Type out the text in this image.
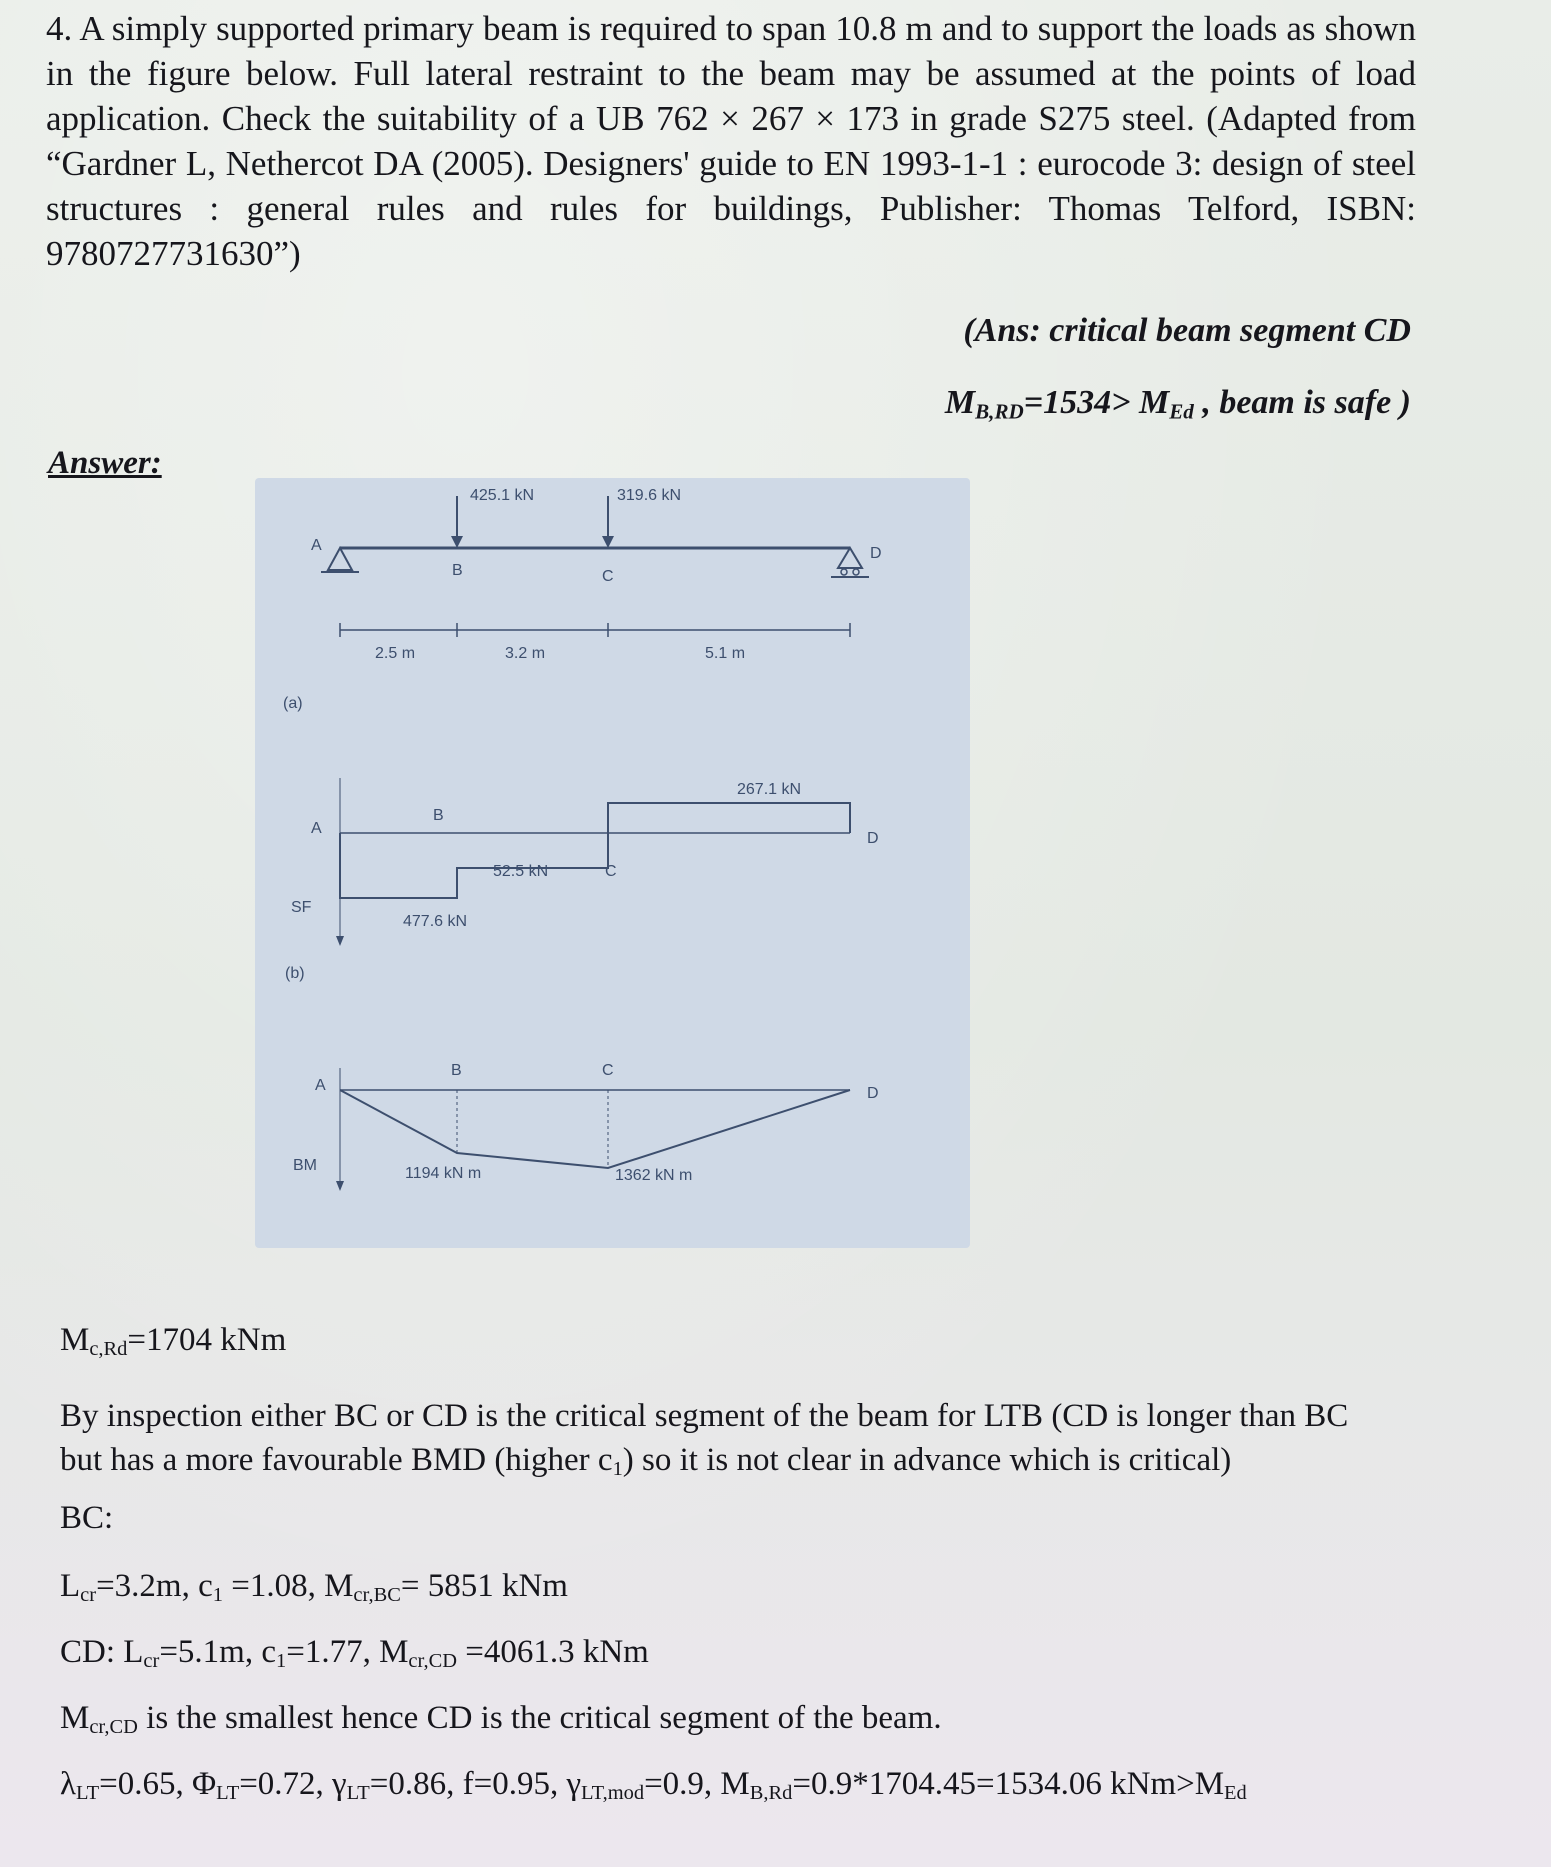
4. A simply supported primary beam is required to span 10.8 m and to support the loads as shown in the figure below. Full lateral restraint to the beam may be assumed at the points of load application. Check the suitability of a UB 762 × 267 × 173 in grade S275 steel. (Adapted from “Gardner L, Nethercot DA (2005). Designers' guide to EN 1993-1-1 : eurocode 3: design of steel structures : general rules and rules for buildings, Publisher: Thomas Telford, ISBN: 9780727731630”)
(Ans: critical beam segment CD
$M_{B,RD}=1534> M_{Ed}$ , beam is safe )
Answer:
425.1 kN	319.6 kN
A
B	C
D
2.5 m	3.2 m	5.1 m
(a)
A
B
C
D
267.1 kN
52.5 kN
477.6 kN
SF
(b)
A
B	C
D
1194 kN m	1362 kN m
BM
$M_{c,Rd}=1704$ kNm
By inspection either BC or CD is the critical segment of the beam for LTB (CD is longer than BC but has a more favourable BMD (higher $c_1$) so it is not clear in advance which is critical)
BC:
$L_{cr}=3.2m$, $c_1 =1.08$, $M_{cr,BC}= 5851$ kNm
CD: $L_{cr}=5.1m$, $c_1=1.77$, $M_{cr,CD} =4061.3$ kNm
$M_{cr,CD}$ is the smallest hence CD is the critical segment of the beam.
$\lambda_{LT}=0.65$, $\Phi_{LT}=0.72$, $\gamma_{LT}=0.86$, f=0.95, $\gamma_{LT,mod}=0.9$, $M_{B,Rd}=0.9*1704.45=1534.06$ $kNm>M_{Ed}$
